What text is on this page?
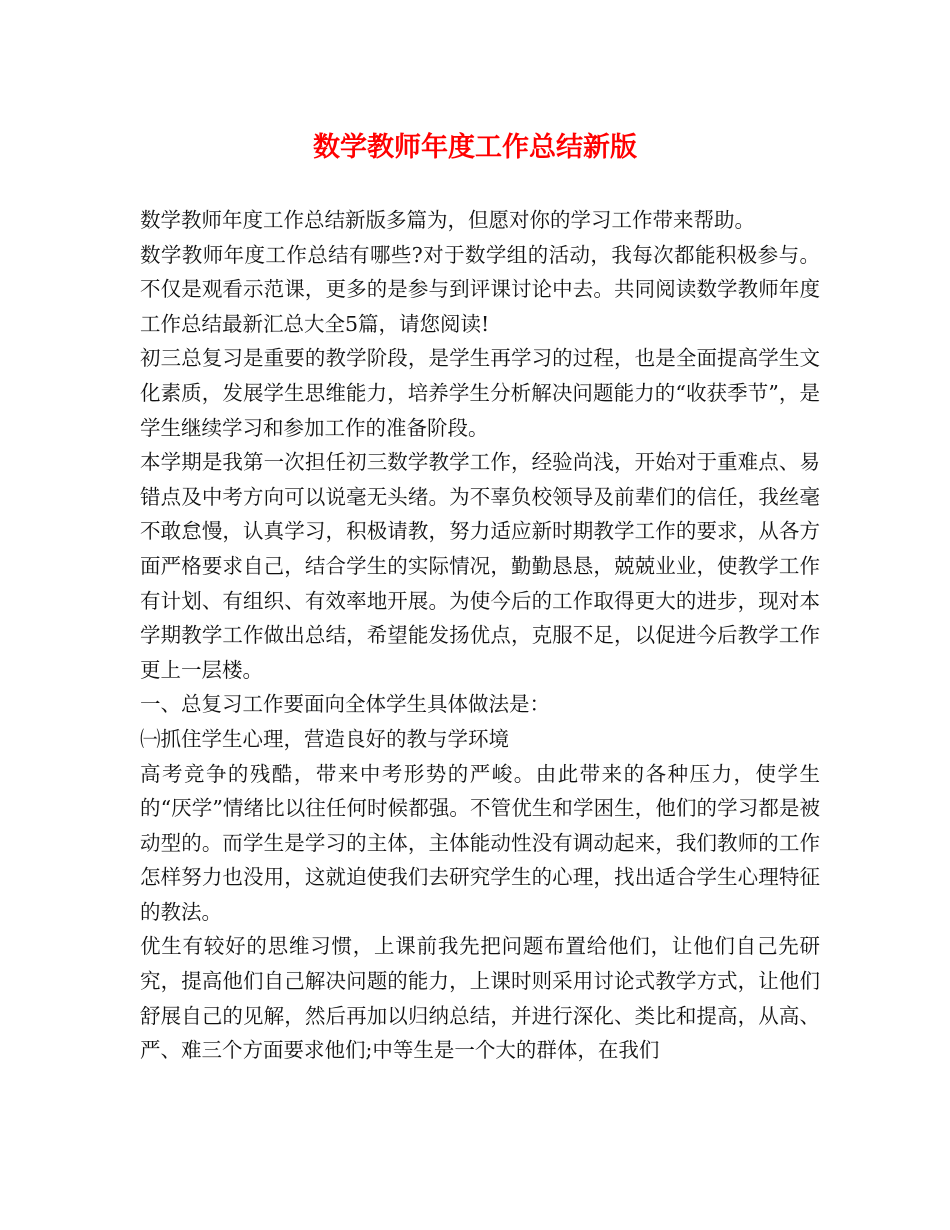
数学教师年度工作总结新版

数学教师年度工作总结新版多篇为，但愿对你的学习工作带来帮助。

数学教师年度工作总结有哪些?对于数学组的活动，我每次都能积极参与。不仅是观看示范课，更多的是参与到评课讨论中去。共同阅读数学教师年度工作总结最新汇总大全5篇，请您阅读!

初三总复习是重要的教学阶段，是学生再学习的过程，也是全面提高学生文化素质，发展学生思维能力，培养学生分析解决问题能力的“收获季节”，是学生继续学习和参加工作的准备阶段。

本学期是我第一次担任初三数学教学工作，经验尚浅，开始对于重难点、易错点及中考方向可以说毫无头绪。为不辜负校领导及前辈们的信任，我丝毫不敢怠慢，认真学习，积极请教，努力适应新时期教学工作的要求，从各方面严格要求自己，结合学生的实际情况，勤勤恳恳，兢兢业业，使教学工作有计划、有组织、有效率地开展。为使今后的工作取得更大的进步，现对本学期教学工作做出总结，希望能发扬优点，克服不足，以促进今后教学工作更上一层楼。

一、总复习工作要面向全体学生具体做法是：

㈠抓住学生心理，营造良好的教与学环境

高考竞争的残酷，带来中考形势的严峻。由此带来的各种压力，使学生的“厌学”情绪比以往任何时候都强。不管优生和学困生，他们的学习都是被动型的。而学生是学习的主体，主体能动性没有调动起来，我们教师的工作怎样努力也没用，这就迫使我们去研究学生的心理，找出适合学生心理特征的教法。

优生有较好的思维习惯，上课前我先把问题布置给他们，让他们自己先研究，提高他们自己解决问题的能力，上课时则采用讨论式教学方式，让他们舒展自己的见解，然后再加以归纳总结，并进行深化、类比和提高，从高、严、难三个方面要求他们;中等生是一个大的群体，在我们
